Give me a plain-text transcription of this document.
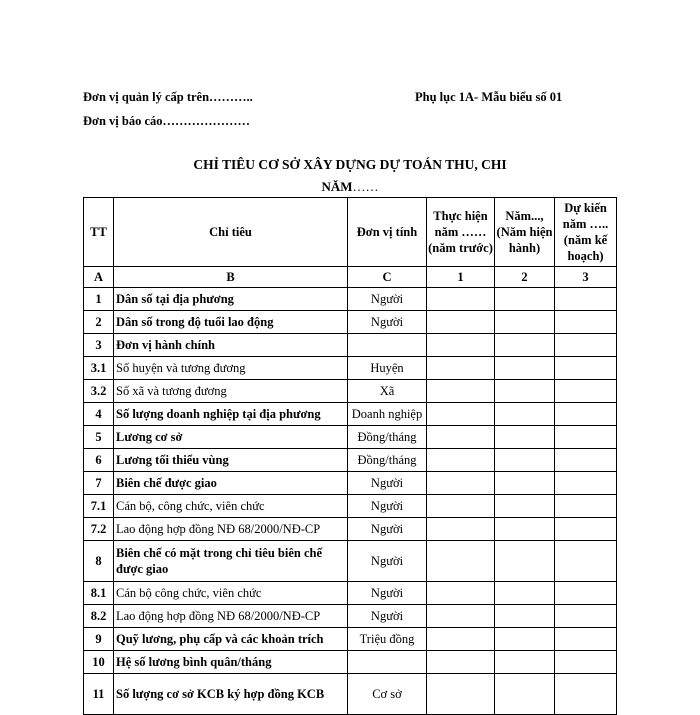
Đơn vị quản lý cấp trên………..	Phụ lục 1A- Mẫu biểu số 01
Đơn vị báo cáo…………………
CHỈ TIÊU CƠ SỞ XÂY DỰNG DỰ TOÁN THU, CHI
NĂM……
TT	Chỉ tiêu	Đơn vị tính	Thực hiện năm …… (năm trước)	Năm..., (Năm hiện hành)	Dự kiến năm ….. (năm kế hoạch)
A	B	C	1	2	3
1	Dân số tại địa phương	Người			
2	Dân số trong độ tuổi lao động	Người			
3	Đơn vị hành chính				
3.1	Số huyện và tương đương	Huyện			
3.2	Số xã và tương đương	Xã			
4	Số lượng doanh nghiệp tại địa phương	Doanh nghiệp			
5	Lương cơ sở	Đồng/tháng			
6	Lương tối thiểu vùng	Đồng/tháng			
7	Biên chế được giao	Người			
7.1	Cán bộ, công chức, viên chức	Người			
7.2	Lao động hợp đồng NĐ 68/2000/NĐ-CP	Người			
8	Biên chế có mặt trong chỉ tiêu biên chế được giao	Người			
8.1	Cán bộ công chức, viên chức	Người			
8.2	Lao động hợp đồng NĐ 68/2000/NĐ-CP	Người			
9	Quỹ lương, phụ cấp và các khoản trích	Triệu đồng			
10	Hệ số lương bình quân/tháng				
11	Số lượng cơ sở KCB ký hợp đồng KCB	Cơ sở			
